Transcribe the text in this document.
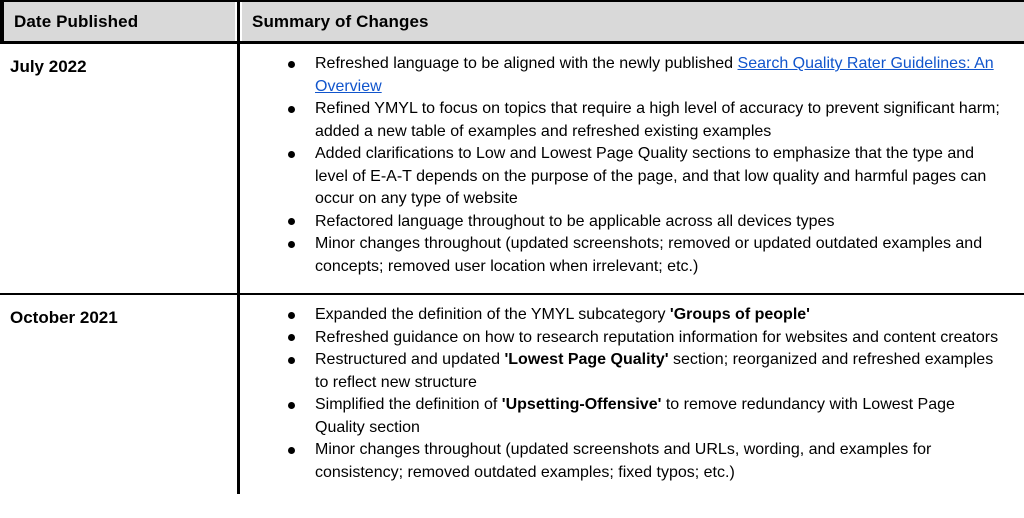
Date Published	Summary of Changes
July 2022	Refreshed language to be aligned with the newly published Search Quality Rater Guidelines: An Overview
Refined YMYL to focus on topics that require a high level of accuracy to prevent significant harm; added a new table of examples and refreshed existing examples
Added clarifications to Low and Lowest Page Quality sections to emphasize that the type and level of E-A-T depends on the purpose of the page, and that low quality and harmful pages can occur on any type of website
Refactored language throughout to be applicable across all devices types
Minor changes throughout (updated screenshots; removed or updated outdated examples and concepts; removed user location when irrelevant; etc.)
October 2021	Expanded the definition of the YMYL subcategory 'Groups of people'
Refreshed guidance on how to research reputation information for websites and content creators
Restructured and updated 'Lowest Page Quality' section; reorganized and refreshed examples to reflect new structure
Simplified the definition of 'Upsetting-Offensive' to remove redundancy with Lowest Page Quality section
Minor changes throughout (updated screenshots and URLs, wording, and examples for consistency; removed outdated examples; fixed typos; etc.)
